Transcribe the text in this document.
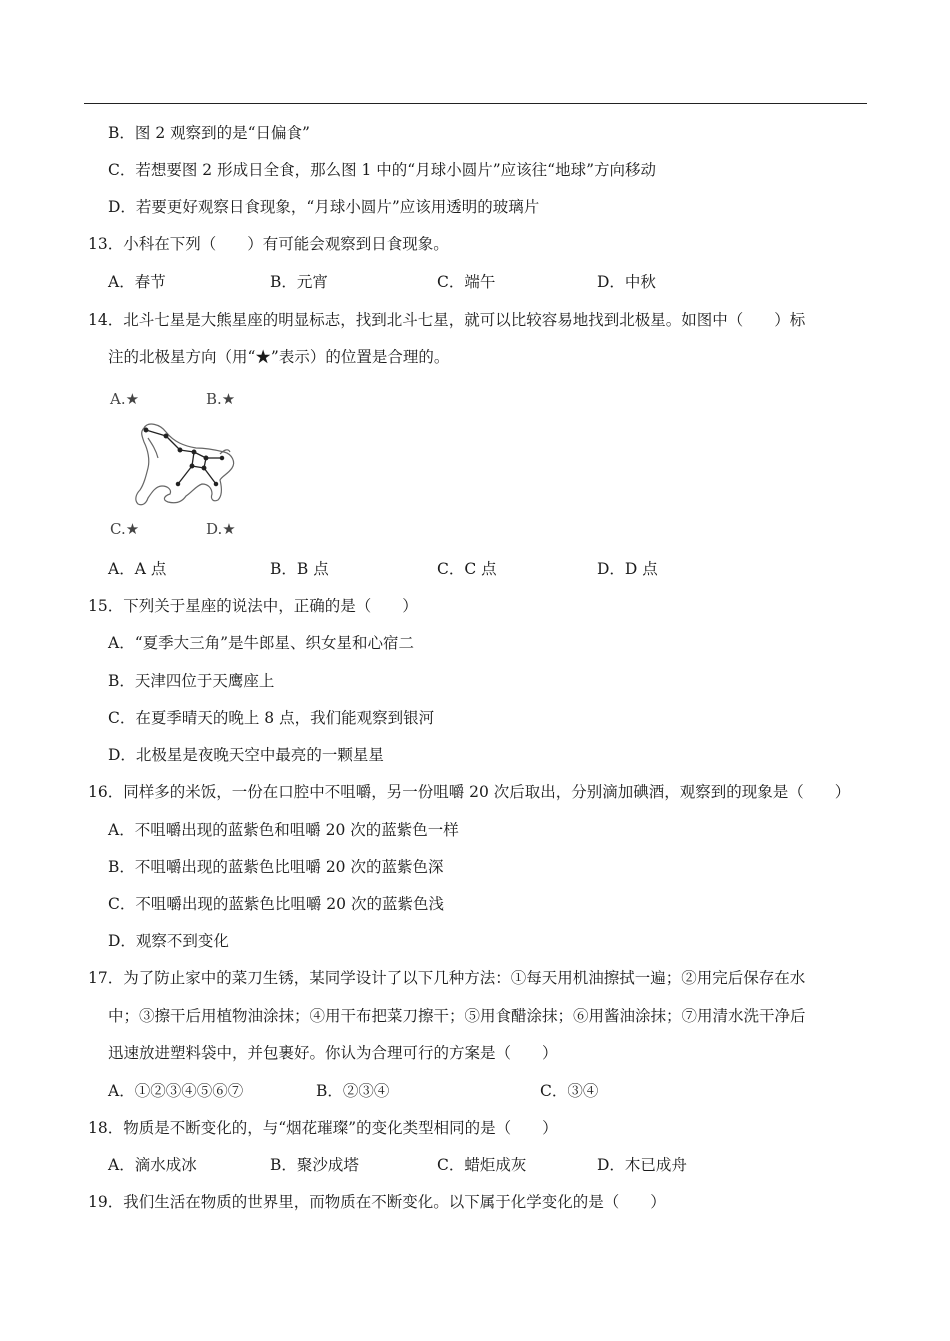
B．图 2 观察到的是“日偏食”
C．若想要图 2 形成日全食，那么图 1 中的“月球小圆片”应该往“地球”方向移动
D．若要更好观察日食现象，“月球小圆片”应该用透明的玻璃片
13．小科在下列（　　）有可能会观察到日食现象。
A．春节	B．元宵	C．端午	D．中秋
14．北斗七星是大熊星座的明显标志，找到北斗七星，就可以比较容易地找到北极星。如图中（　　）标
注的北极星方向（用“★”表示）的位置是合理的。
A.★	B.★
C.★	D.★
A．A 点	B．B 点	C．C 点	D．D 点
15．下列关于星座的说法中，正确的是（　　）
A．“夏季大三角”是牛郎星、织女星和心宿二
B．天津四位于天鹰座上
C．在夏季晴天的晚上 8 点，我们能观察到银河
D．北极星是夜晚天空中最亮的一颗星星
16．同样多的米饭，一份在口腔中不咀嚼，另一份咀嚼 20 次后取出，分别滴加碘酒，观察到的现象是（　　）
A．不咀嚼出现的蓝紫色和咀嚼 20 次的蓝紫色一样
B．不咀嚼出现的蓝紫色比咀嚼 20 次的蓝紫色深
C．不咀嚼出现的蓝紫色比咀嚼 20 次的蓝紫色浅
D．观察不到变化
17．为了防止家中的菜刀生锈，某同学设计了以下几种方法：①每天用机油擦拭一遍；②用完后保存在水
中；③擦干后用植物油涂抹；④用干布把菜刀擦干；⑤用食醋涂抹；⑥用酱油涂抹；⑦用清水洗干净后
迅速放进塑料袋中，并包裹好。你认为合理可行的方案是（　　）
A．①②③④⑤⑥⑦	B．②③④	C．③④
18．物质是不断变化的，与“烟花璀璨”的变化类型相同的是（　　）
A．滴水成冰	B．聚沙成塔	C．蜡炬成灰	D．木已成舟
19．我们生活在物质的世界里，而物质在不断变化。以下属于化学变化的是（　　）
